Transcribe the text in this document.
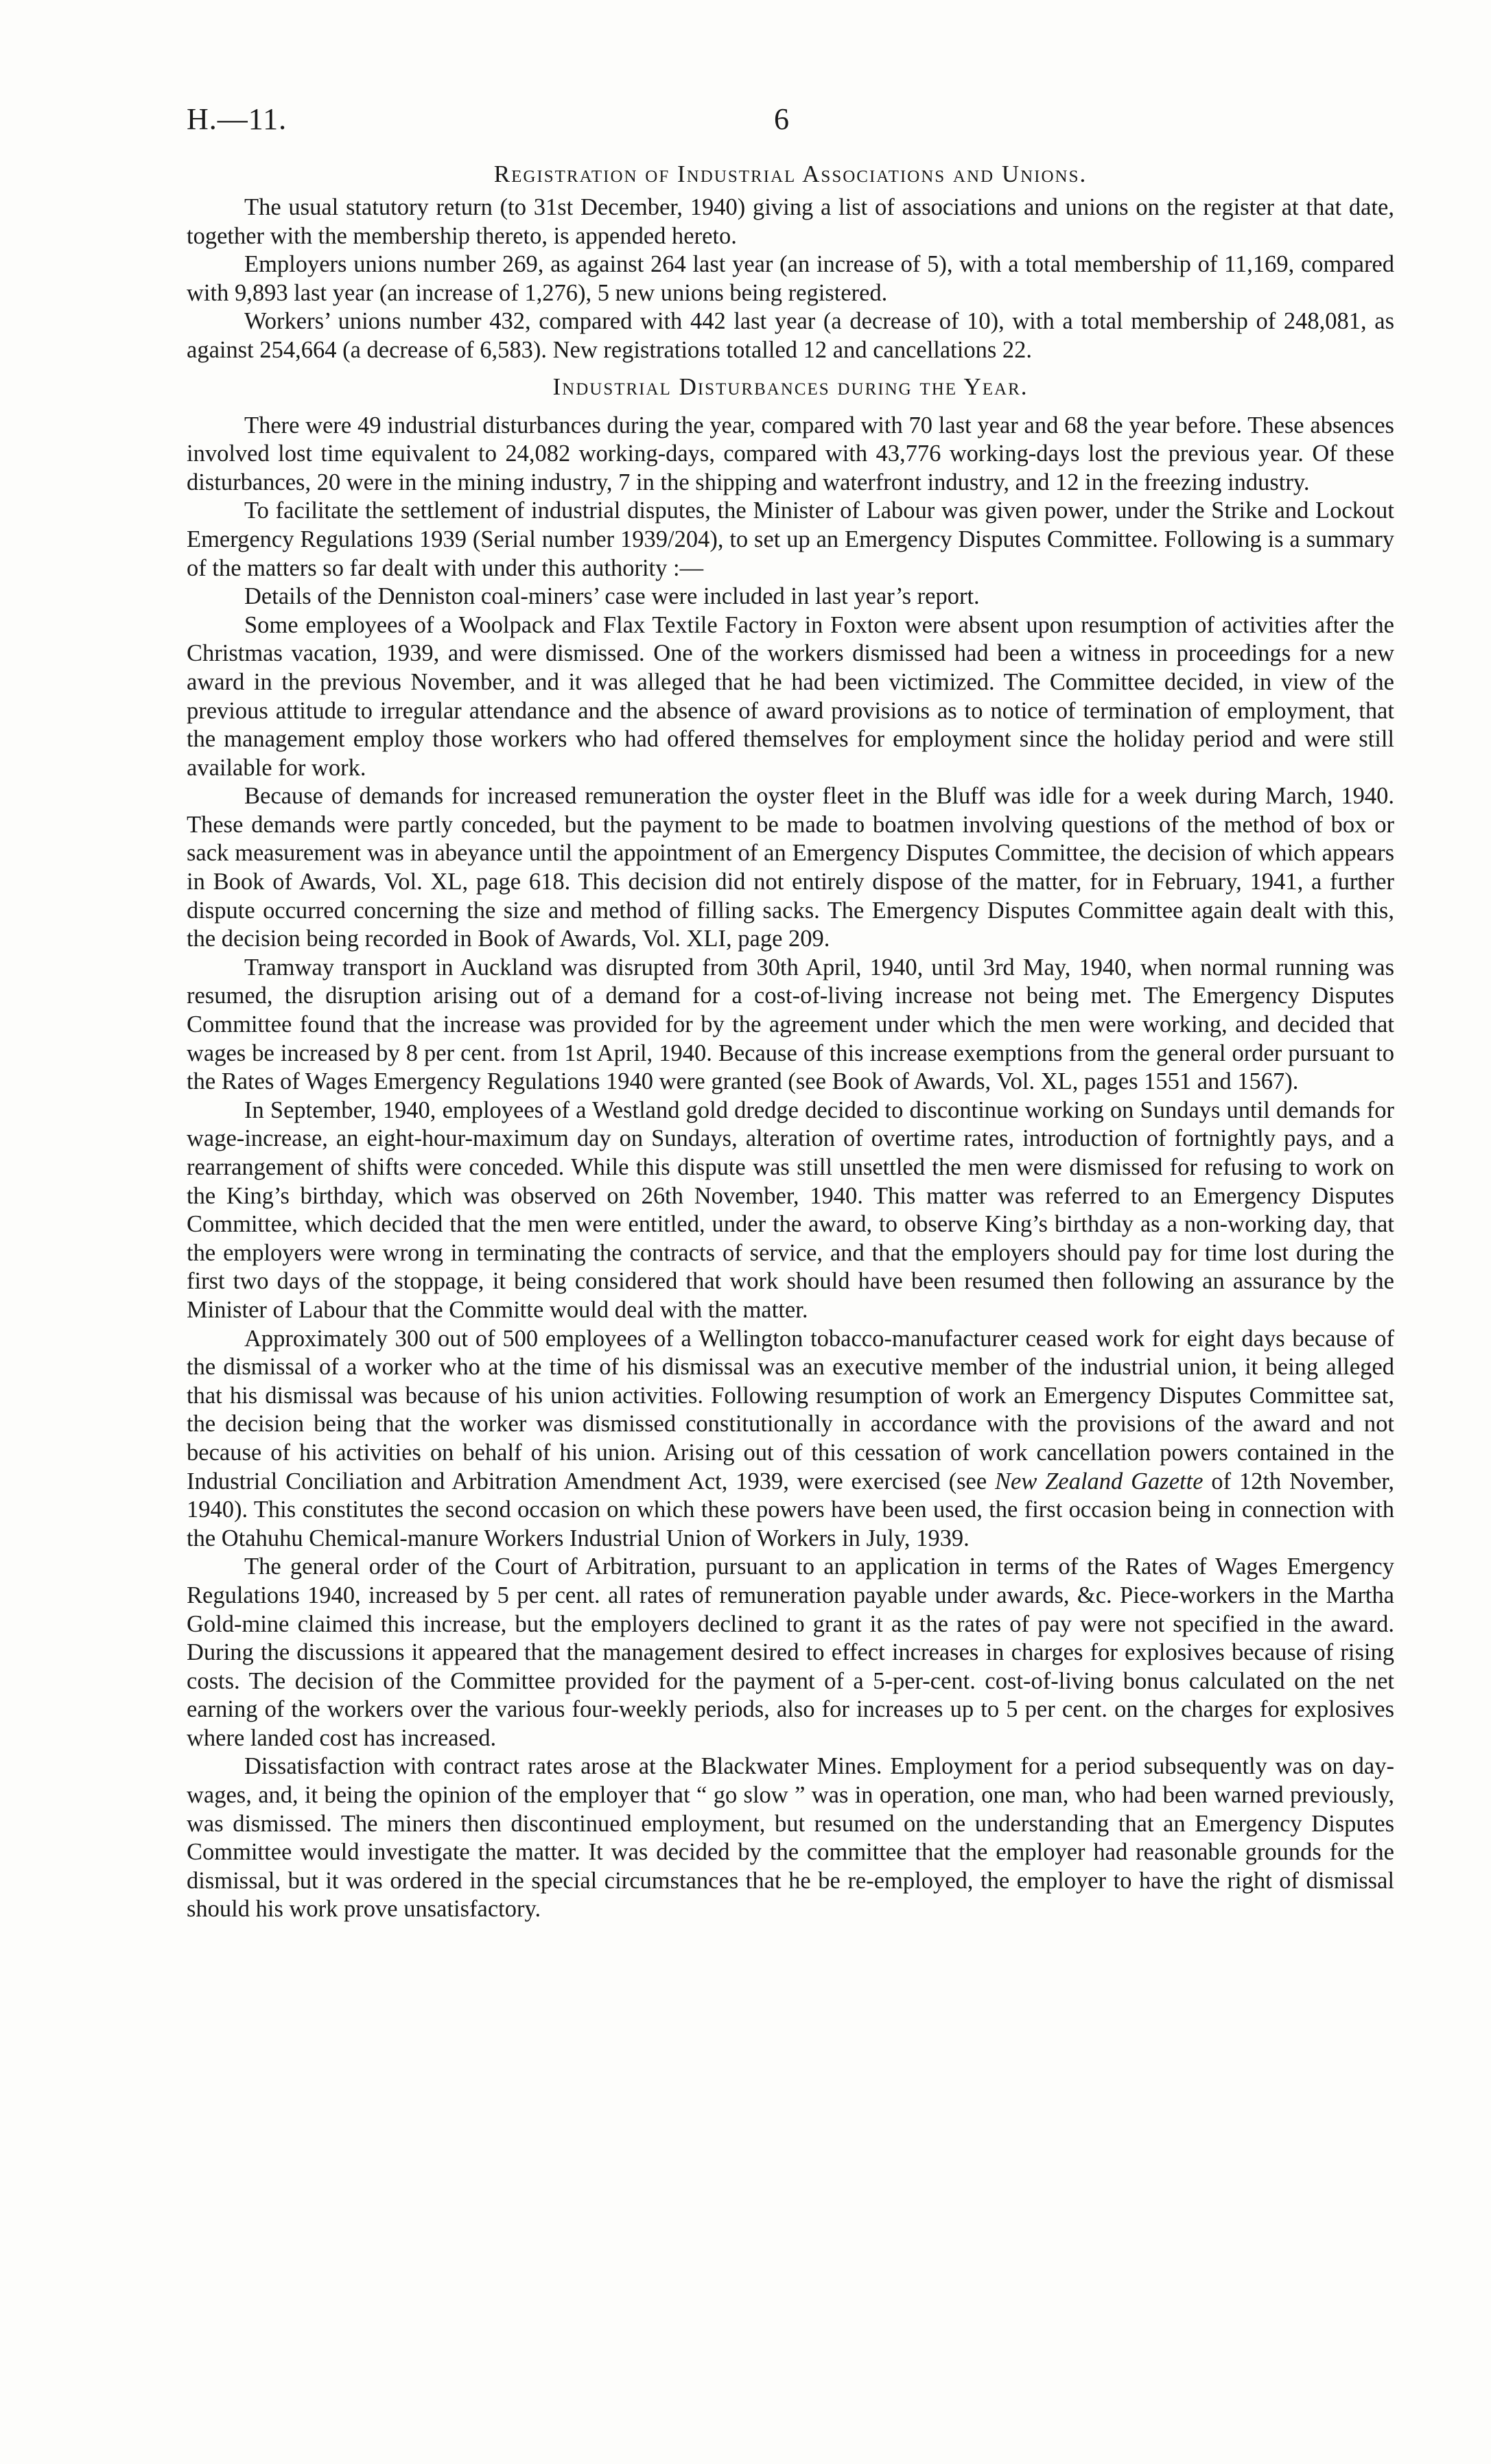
H.—11.	6
Registration of Industrial Associations and Unions.

The usual statutory return (to 31st December, 1940) giving a list of associations and unions on the register at that date, together with the membership thereto, is appended hereto.

Employers unions number 269, as against 264 last year (an increase of 5), with a total membership of 11,169, compared with 9,893 last year (an increase of 1,276), 5 new unions being registered.

Workers’ unions number 432, compared with 442 last year (a decrease of 10), with a total membership of 248,081, as against 254,664 (a decrease of 6,583). New registrations totalled 12 and cancellations 22.

Industrial Disturbances during the Year.

There were 49 industrial disturbances during the year, compared with 70 last year and 68 the year before. These absences involved lost time equivalent to 24,082 working-days, compared with 43,776 working-days lost the previous year. Of these disturbances, 20 were in the mining industry, 7 in the shipping and waterfront industry, and 12 in the freezing industry.

To facilitate the settlement of industrial disputes, the Minister of Labour was given power, under the Strike and Lockout Emergency Regulations 1939 (Serial number 1939/204), to set up an Emergency Disputes Committee. Following is a summary of the matters so far dealt with under this authority :—

Details of the Denniston coal-miners’ case were included in last year’s report.

Some employees of a Woolpack and Flax Textile Factory in Foxton were absent upon resumption of activities after the Christmas vacation, 1939, and were dismissed. One of the workers dismissed had been a witness in proceedings for a new award in the previous November, and it was alleged that he had been victimized. The Committee decided, in view of the previous attitude to irregular attendance and the absence of award provisions as to notice of termination of employment, that the management employ those workers who had offered themselves for employment since the holiday period and were still available for work.

Because of demands for increased remuneration the oyster fleet in the Bluff was idle for a week during March, 1940. These demands were partly conceded, but the payment to be made to boatmen involving questions of the method of box or sack measurement was in abeyance until the appointment of an Emergency Disputes Committee, the decision of which appears in Book of Awards, Vol. XL, page 618. This decision did not entirely dispose of the matter, for in February, 1941, a further dispute occurred concerning the size and method of filling sacks. The Emergency Disputes Committee again dealt with this, the decision being recorded in Book of Awards, Vol. XLI, page 209.

Tramway transport in Auckland was disrupted from 30th April, 1940, until 3rd May, 1940, when normal running was resumed, the disruption arising out of a demand for a cost-of-living increase not being met. The Emergency Disputes Committee found that the increase was provided for by the agreement under which the men were working, and decided that wages be increased by 8 per cent. from 1st April, 1940. Because of this increase exemptions from the general order pursuant to the Rates of Wages Emergency Regulations 1940 were granted (see Book of Awards, Vol. XL, pages 1551 and 1567).

In September, 1940, employees of a Westland gold dredge decided to discontinue working on Sundays until demands for wage-increase, an eight-hour-maximum day on Sundays, alteration of overtime rates, introduction of fortnightly pays, and a rearrangement of shifts were conceded. While this dispute was still unsettled the men were dismissed for refusing to work on the King’s birthday, which was observed on 26th November, 1940. This matter was referred to an Emergency Disputes Committee, which decided that the men were entitled, under the award, to observe King’s birthday as a non-working day, that the employers were wrong in terminating the contracts of service, and that the employers should pay for time lost during the first two days of the stoppage, it being considered that work should have been resumed then following an assurance by the Minister of Labour that the Committe would deal with the matter.

Approximately 300 out of 500 employees of a Wellington tobacco-manufacturer ceased work for eight days because of the dismissal of a worker who at the time of his dismissal was an executive member of the industrial union, it being alleged that his dismissal was because of his union activities. Following resumption of work an Emergency Disputes Committee sat, the decision being that the worker was dismissed constitutionally in accordance with the provisions of the award and not because of his activities on behalf of his union. Arising out of this cessation of work cancellation powers contained in the Industrial Conciliation and Arbitration Amendment Act, 1939, were exercised (see New Zealand Gazette of 12th November, 1940). This constitutes the second occasion on which these powers have been used, the first occasion being in connection with the Otahuhu Chemical-manure Workers Industrial Union of Workers in July, 1939.

The general order of the Court of Arbitration, pursuant to an application in terms of the Rates of Wages Emergency Regulations 1940, increased by 5 per cent. all rates of remuneration payable under awards, &c. Piece-workers in the Martha Gold-mine claimed this increase, but the employers declined to grant it as the rates of pay were not specified in the award. During the discussions it appeared that the management desired to effect increases in charges for explosives because of rising costs. The decision of the Committee provided for the payment of a 5-per-cent. cost-of-living bonus calculated on the net earning of the workers over the various four-weekly periods, also for increases up to 5 per cent. on the charges for explosives where landed cost has increased.

Dissatisfaction with contract rates arose at the Blackwater Mines. Employment for a period subsequently was on day-wages, and, it being the opinion of the employer that “ go slow ” was in operation, one man, who had been warned previously, was dismissed. The miners then discontinued employment, but resumed on the understanding that an Emergency Disputes Committee would investigate the matter. It was decided by the committee that the employer had reasonable grounds for the dismissal, but it was ordered in the special circumstances that he be re-employed, the employer to have the right of dismissal should his work prove unsatisfactory.
